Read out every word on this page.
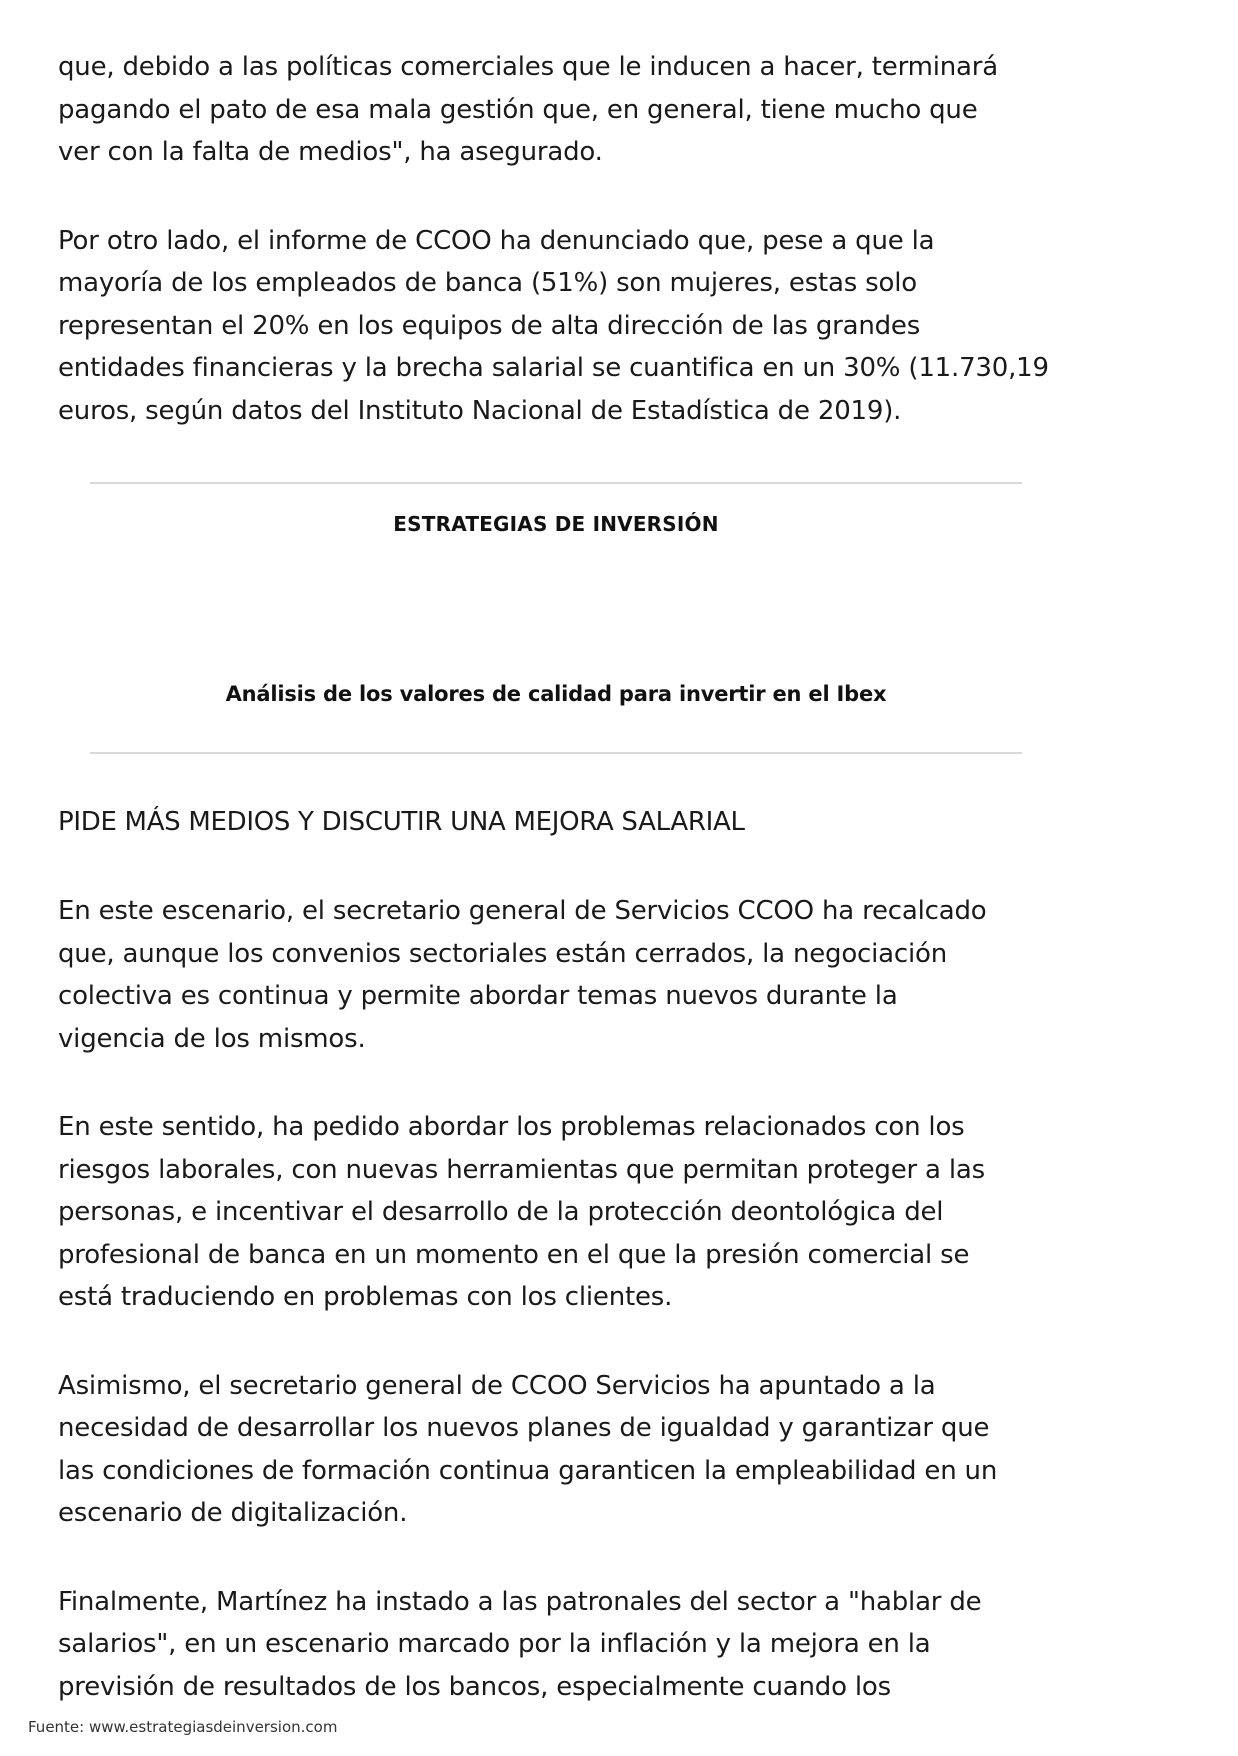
que, debido a las políticas comerciales que le inducen a hacer, terminará
pagando el pato de esa mala gestión que, en general, tiene mucho que
ver con la falta de medios", ha asegurado.

Por otro lado, el informe de CCOO ha denunciado que, pese a que la
mayoría de los empleados de banca (51%) son mujeres, estas solo
representan el 20% en los equipos de alta dirección de las grandes
entidades financieras y la brecha salarial se cuantifica en un 30% (11.730,19
euros, según datos del Instituto Nacional de Estadística de 2019).

ESTRATEGIAS DE INVERSIÓN
Análisis de los valores de calidad para invertir en el Ibex
PIDE MÁS MEDIOS Y DISCUTIR UNA MEJORA SALARIAL

En este escenario, el secretario general de Servicios CCOO ha recalcado
que, aunque los convenios sectoriales están cerrados, la negociación
colectiva es continua y permite abordar temas nuevos durante la
vigencia de los mismos.

En este sentido, ha pedido abordar los problemas relacionados con los
riesgos laborales, con nuevas herramientas que permitan proteger a las
personas, e incentivar el desarrollo de la protección deontológica del
profesional de banca en un momento en el que la presión comercial se
está traduciendo en problemas con los clientes.

Asimismo, el secretario general de CCOO Servicios ha apuntado a la
necesidad de desarrollar los nuevos planes de igualdad y garantizar que
las condiciones de formación continua garanticen la empleabilidad en un
escenario de digitalización.

Finalmente, Martínez ha instado a las patronales del sector a "hablar de
salarios", en un escenario marcado por la inflación y la mejora en la
previsión de resultados de los bancos, especialmente cuando los

Fuente: www.estrategiasdeinversion.com
